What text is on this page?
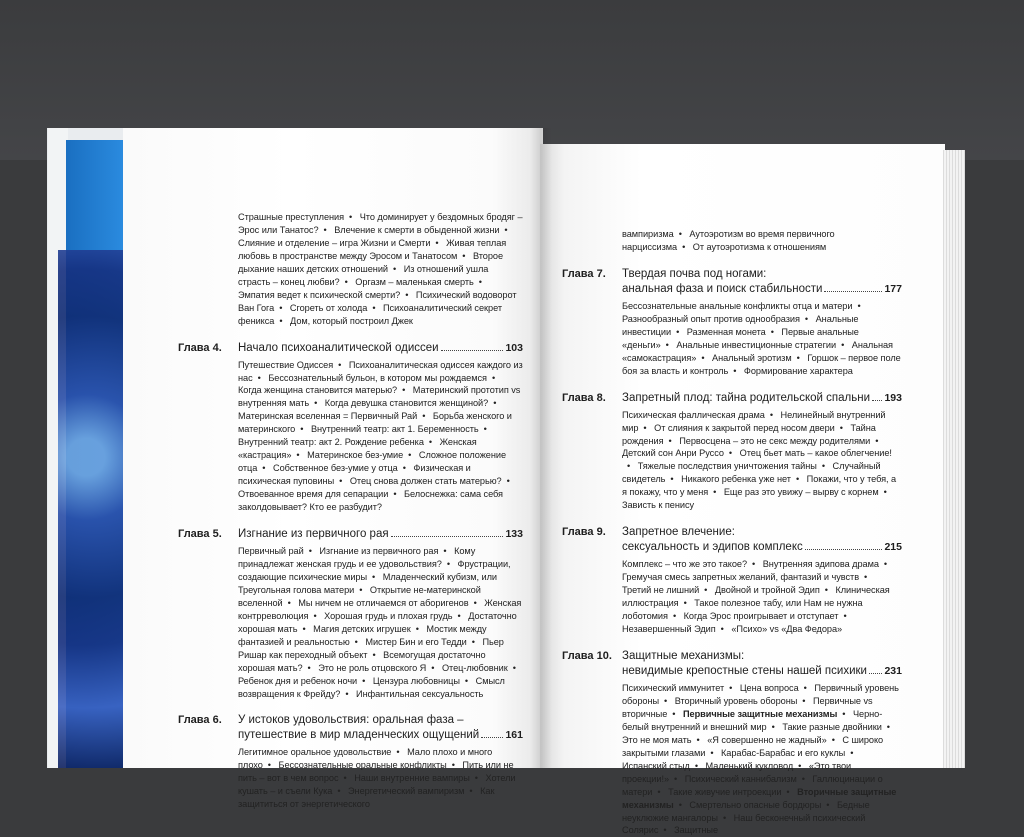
Страшные преступления • Что доминирует у бездомных бродяг – Эрос или Танатос? • Влечение к смерти в обыденной жизни • Слияние и отделение – игра Жизни и Смерти • Живая теплая любовь в пространстве между Эросом и Танатосом • Второе дыхание наших детских отношений • Из отношений ушла страсть – конец любви? • Оргазм – маленькая смерть • Эмпатия ведет к психической смерти? • Психический водоворот Ван Гога • Сгореть от холода • Психоаналитический секрет феникса • Дом, который построил Джек

Глава 4.	Начало психоаналитической одиссеи	103

Путешествие Одиссея • Психоаналитическая одиссея каждого из нас • Бессознательный бульон, в котором мы рождаемся • Когда женщина становится матерью? • Материнский прототип vs внутренняя мать • Когда девушка становится женщиной? • Материнская вселенная = Первичный Рай • Борьба женского и материнского • Внутренний театр: акт 1. Беременность • Внутренний театр: акт 2. Рождение ребенка • Женская «кастрация» • Материнское без-умие • Сложное положение отца • Собственное без-умие у отца • Физическая и психическая пуповины • Отец снова должен стать матерью? • Отвоеванное время для сепарации • Белоснежка: сама себя заколдовывает? Кто ее разбудит?

Глава 5.	Изгнание из первичного рая	133

Первичный рай • Изгнание из первичного рая • Кому принадлежат женская грудь и ее удовольствия? • Фрустрации, создающие психические миры • Младенческий кубизм, или Треугольная голова матери • Открытие не-материнской вселенной • Мы ничем не отличаемся от аборигенов • Женская контрреволюция • Хорошая грудь и плохая грудь • Достаточно хорошая мать • Магия детских игрушек • Мостик между фантазией и реальностью • Мистер Бин и его Тедди • Пьер Ришар как переходный объект • Всемогущая достаточно хорошая мать? • Это не роль отцовского Я • Отец-любовник • Ребенок дня и ребенок ночи • Цензура любовницы • Смысл возвращения к Фрейду? • Инфантильная сексуальность

Глава 6.	У истоков удовольствия: оральная фаза –
путешествие в мир младенческих ощущений	161

Легитимное оральное удовольствие • Мало плохо и много плохо • Бессознательные оральные конфликты • Пить или не пить – вот в чем вопрос • Наши внутренние вампиры • Хотели кушать – и съели Кука • Энергетический вампиризм • Как защититься от энергетического

вампиризма • Аутоэротизм во время первичного нарциссизма • От аутоэротизма к отношениям

Глава 7.	Твердая почва под ногами:
анальная фаза и поиск стабильности	177

Бессознательные анальные конфликты отца и матери • Разнообразный опыт против однообразия • Анальные инвестиции • Разменная монета • Первые анальные «деньги» • Анальные инвестиционные стратегии • Анальная «самокастрация» • Анальный эротизм • Горшок – первое поле боя за власть и контроль • Формирование характера

Глава 8.	Запретный плод: тайна родительской спальни 193

Психическая фаллическая драма • Нелинейный внутренний мир • От слияния к закрытой перед носом двери • Тайна рождения • Первосцена – это не секс между родителями • Детский сон Анри Руссо • Отец бьет мать – какое облегчение!• Тяжелые последствия уничтожения тайны • Случайный свидетель • Никакого ребенка уже нет • Покажи, что у тебя, а я покажу, что у меня • Еще раз это увижу – вырву с корнем • Зависть к пенису

Глава 9.	Запретное влечение:
сексуальность и эдипов комплекс	215

Комплекс – что же это такое? • Внутренняя эдипова драма • Гремучая смесь запретных желаний, фантазий и чувств • Третий не лишний • Двойной и тройной Эдип • Клиническая иллюстрация • Такое полезное табу, или Нам не нужна лоботомия • Когда Эрос проигрывает и отступает • Незавершенный Эдип • «Психо» vs «Два Федора»

Глава 10. Защитные механизмы:
невидимые крепостные стены нашей психики 231

Психический иммунитет • Цена вопроса • Первичный уровень обороны • Вторичный уровень обороны • Первичные vs вторичные • Первичные защитные механизмы • Черно-белый внутренний и внешний мир • Такие разные двойники • Это не моя мать • «Я совершенно не жадный» • С широко закрытыми глазами • Карабас-Барабас и его куклы • Испанский стыд • Маленький кукловод • «Это твои проекции!» • Психический каннибализм • Галлюцинации о матери • Такие живучие интроекции • Вторичные защитные механизмы • Смертельно опасные бордюры • Бедные неуклюжие мангалоры • Наш бесконечный психический Солярис • Защитные
